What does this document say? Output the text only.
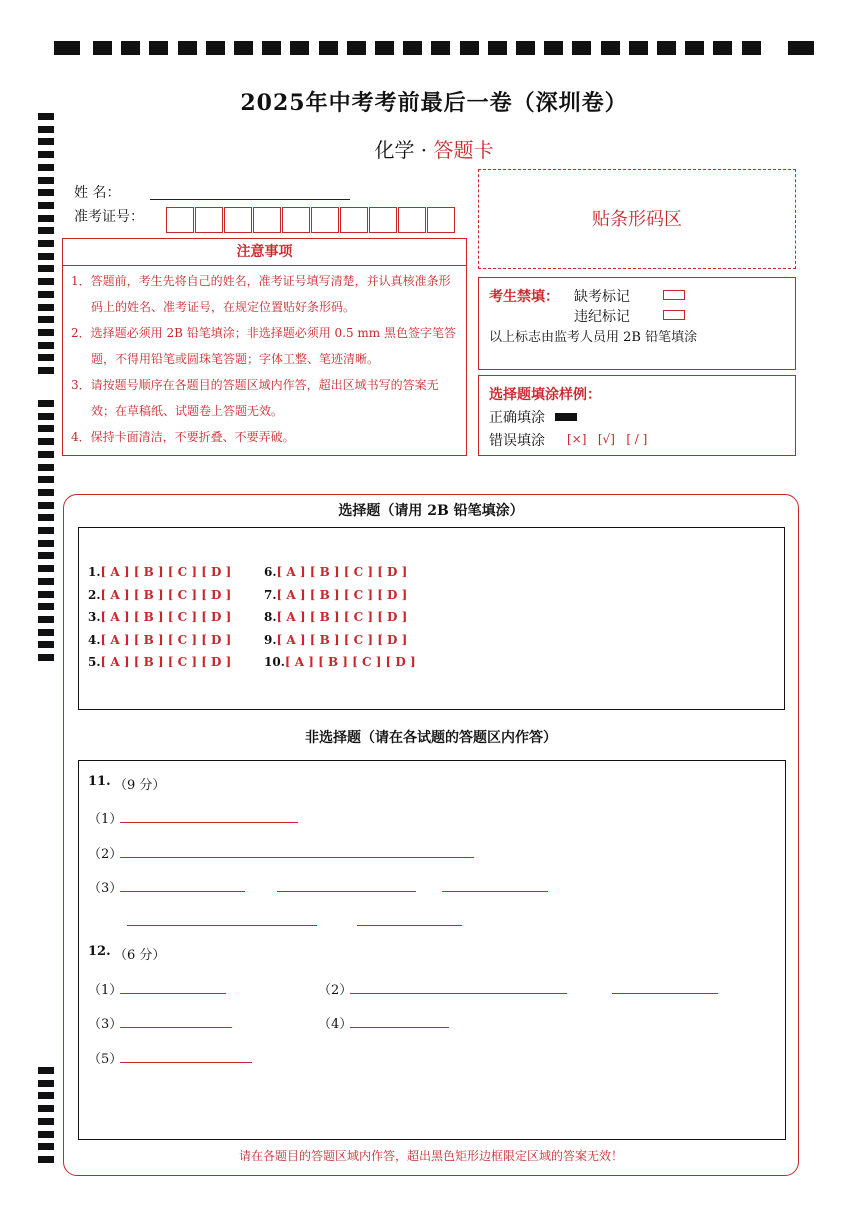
2025年中考考前最后一卷（深圳卷）
化学 · 答题卡
姓 名：
准考证号：	贴条形码区
注意事项
1．答题前，考生先将自己的姓名，准考证号填写清楚，并认真核准条形码上的姓名、准考证号，在规定位置贴好条形码。
2．选择题必须用 2B 铅笔填涂；非选择题必须用 0.5 mm 黑色签字笔答题，不得用铅笔或圆珠笔答题；字体工整、笔迹清晰。
3．请按题号顺序在各题目的答题区域内作答，超出区域书写的答案无效；在草稿纸、试题卷上答题无效。
4．保持卡面清洁，不要折叠、不要弄破。
考生禁填： 缺考标记
违纪标记
以上标志由监考人员用 2B 铅笔填涂
选择题填涂样例：
正确填涂
错误填涂 [×]   [√]   [ / ]
选择题（请用 2B 铅笔填涂）
1.[ A ] [ B ] [ C ] [ D ]
2.[ A ] [ B ] [ C ] [ D ]
3.[ A ] [ B ] [ C ] [ D ]
4.[ A ] [ B ] [ C ] [ D ]
5.[ A ] [ B ] [ C ] [ D ]
6.[ A ] [ B ] [ C ] [ D ]
7.[ A ] [ B ] [ C ] [ D ]
8.[ A ] [ B ] [ C ] [ D ]
9.[ A ] [ B ] [ C ] [ D ]
10.[ A ] [ B ] [ C ] [ D ]
非选择题（请在各试题的答题区内作答）
11. （9 分）
（1）
（2）
（3）
12. （6 分）
（1）	（2）
（3）	（4）
（5）
请在各题目的答题区域内作答，超出黑色矩形边框限定区域的答案无效！
